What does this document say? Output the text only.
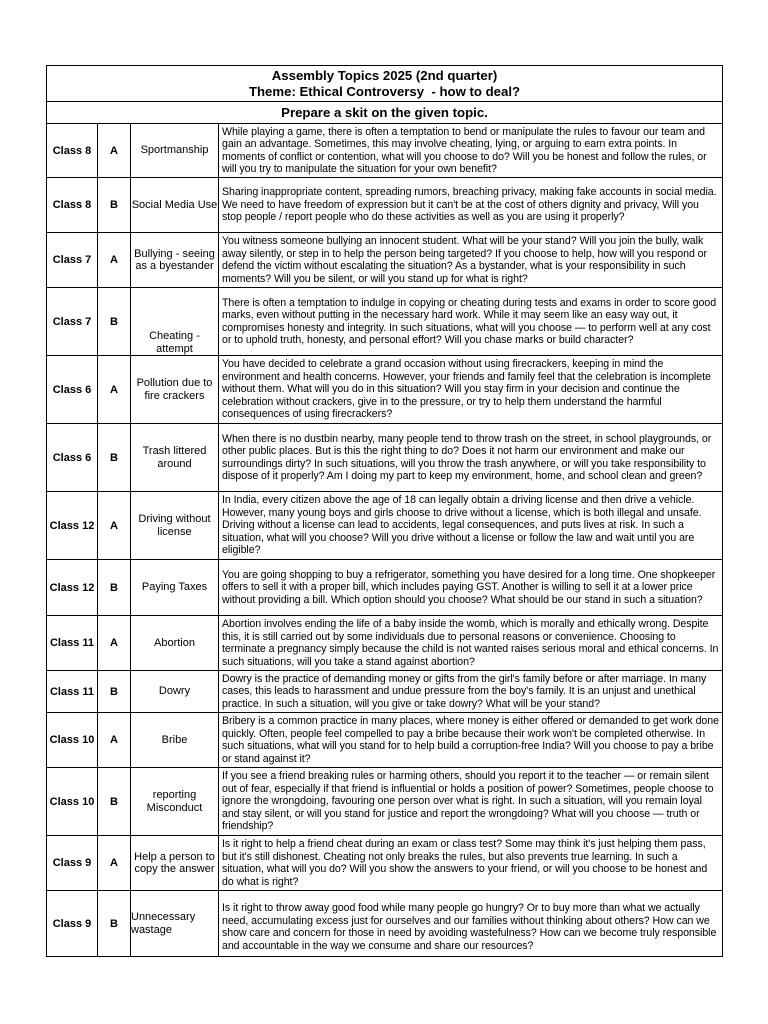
Assembly Topics 2025 (2nd quarter)
Theme: Ethical Controversy  - how to deal?			

Prepare a skit on the given topic.			
Class 8	A	Sportmanship	While playing a game, there is often a temptation to bend or manipulate the rules to favour our team and gain an advantage. Sometimes, this may involve cheating, lying, or arguing to earn extra points. In moments of conflict or contention, what will you choose to do? Will you be honest and follow the rules, or will you try to manipulate the situation for your own benefit?
Class 8	B	Social Media Use	Sharing inappropriate content, spreading rumors, breaching privacy, making fake accounts in social media. We need to have freedom of expression but it can't be at the cost of others dignity and privacy, Will you stop people / report people who do these activities as well as you are using it properly?
Class 7	A	Bullying - seeing as a byestander	You witness someone bullying an innocent student. What will be your stand? Will you join the bully, walk away silently, or step in to help the person being targeted? If you choose to help, how will you respond or defend the victim without escalating the situation? As a bystander, what is your responsibility in such moments? Will you be silent, or will you stand up for what is right?
Class 7	B	Cheating - attempt	There is often a temptation to indulge in copying or cheating during tests and exams in order to score good marks, even without putting in the necessary hard work. While it may seem like an easy way out, it compromises honesty and integrity. In such situations, what will you choose — to perform well at any cost or to uphold truth, honesty, and personal effort? Will you chase marks or build character?
Class 6	A	Pollution due to fire crackers	You have decided to celebrate a grand occasion without using firecrackers, keeping in mind the environment and health concerns. However, your friends and family feel that the celebration is incomplete without them. What will you do in this situation? Will you stay firm in your decision and continue the celebration without crackers, give in to the pressure, or try to help them understand the harmful consequences of using firecrackers?
Class 6	B	Trash littered around	When there is no dustbin nearby, many people tend to throw trash on the street, in school playgrounds, or other public places. But is this the right thing to do? Does it not harm our environment and make our surroundings dirty? In such situations, will you throw the trash anywhere, or will you take responsibility to dispose of it properly? Am I doing my part to keep my environment, home, and school clean and green?
Class 12	A	Driving without license	In India, every citizen above the age of 18 can legally obtain a driving license and then drive a vehicle. However, many young boys and girls choose to drive without a license, which is both illegal and unsafe. Driving without a license can lead to accidents, legal consequences, and puts lives at risk. In such a situation, what will you choose? Will you drive without a license or follow the law and wait until you are eligible?
Class 12	B	Paying Taxes	You are going shopping to buy a refrigerator, something you have desired for a long time. One shopkeeper offers to sell it with a proper bill, which includes paying GST. Another is willing to sell it at a lower price without providing a bill. Which option should you choose? What should be our stand in such a situation?
Class 11	A	Abortion	Abortion involves ending the life of a baby inside the womb, which is morally and ethically wrong. Despite this, it is still carried out by some individuals due to personal reasons or convenience. Choosing to terminate a pregnancy simply because the child is not wanted raises serious moral and ethical concerns. In such situations, will you take a stand against abortion?
Class 11	B	Dowry	Dowry is the practice of demanding money or gifts from the girl's family before or after marriage. In many cases, this leads to harassment and undue pressure from the boy's family. It is an unjust and unethical practice. In such a situation, will you give or take dowry? What will be your stand?
Class 10	A	Bribe	Bribery is a common practice in many places, where money is either offered or demanded to get work done quickly. Often, people feel compelled to pay a bribe because their work won't be completed otherwise. In such situations, what will you stand for to help build a corruption-free India? Will you choose to pay a bribe or stand against it?
Class 10	B	reporting Misconduct	If you see a friend breaking rules or harming others, should you report it to the teacher — or remain silent out of fear, especially if that friend is influential or holds a position of power? Sometimes, people choose to ignore the wrongdoing, favouring one person over what is right. In such a situation, will you remain loyal and stay silent, or will you stand for justice and report the wrongdoing? What will you choose — truth or friendship?
Class 9	A	Help a person to copy the answer	Is it right to help a friend cheat during an exam or class test? Some may think it's just helping them pass, but it's still dishonest. Cheating not only breaks the rules, but also prevents true learning. In such a situation, what will you do? Will you show the answers to your friend, or will you choose to be honest and do what is right?
Class 9	B	Unnecessary wastage	Is it right to throw away good food while many people go hungry? Or to buy more than what we actually need, accumulating excess just for ourselves and our families without thinking about others? How can we show care and concern for those in need by avoiding wastefulness? How can we become truly responsible and accountable in the way we consume and share our resources?
